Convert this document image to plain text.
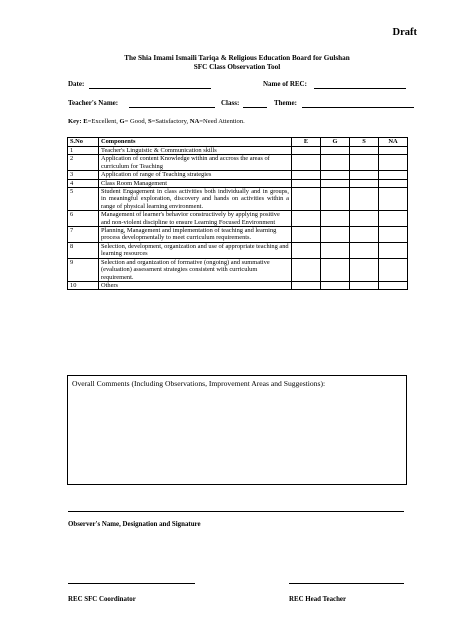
Draft
The Shia Imami Ismaili Tariqa & Religious Education Board for Gulshan
SFC Class Observation Tool
Date:	Name of REC:
Teacher's Name:	Class:	Theme:
Key: E=Excellent, G= Good, S=Satisfactory, NA=Need Attention.
S.No	Components		E	G	S	NA
1	Teacher's Linguistic & Communication skills					
2	Application of content Knowledge within and accross the areas of curriculum for Teaching					
3	Application of range of Teaching strategies					
4	Class Room Management					
5	Student Engagement in class activities both individually and in groups, in meaningful exploration, discovery and hands on activities within a range of physical learning environment.					
6	Management of learner's behavior constructively by applying positive and non-violent discipline to ensure Learning Focused Environment					
7	Planning, Management and implementation of teaching and learning process developmentally to meet curriculum requirements.					
8	Selection, development, organization and use of appropriate teaching and learning resources					
9	Selection and organization of formative (ongoing) and summative (evaluation) assessment strategies consistent with curriculum requirement.					
10	Others					
Overall Comments (Including Observations, Improvement Areas and Suggestions):
Observer's Name, Designation and Signature
REC SFC Coordinator	REC Head Teacher
